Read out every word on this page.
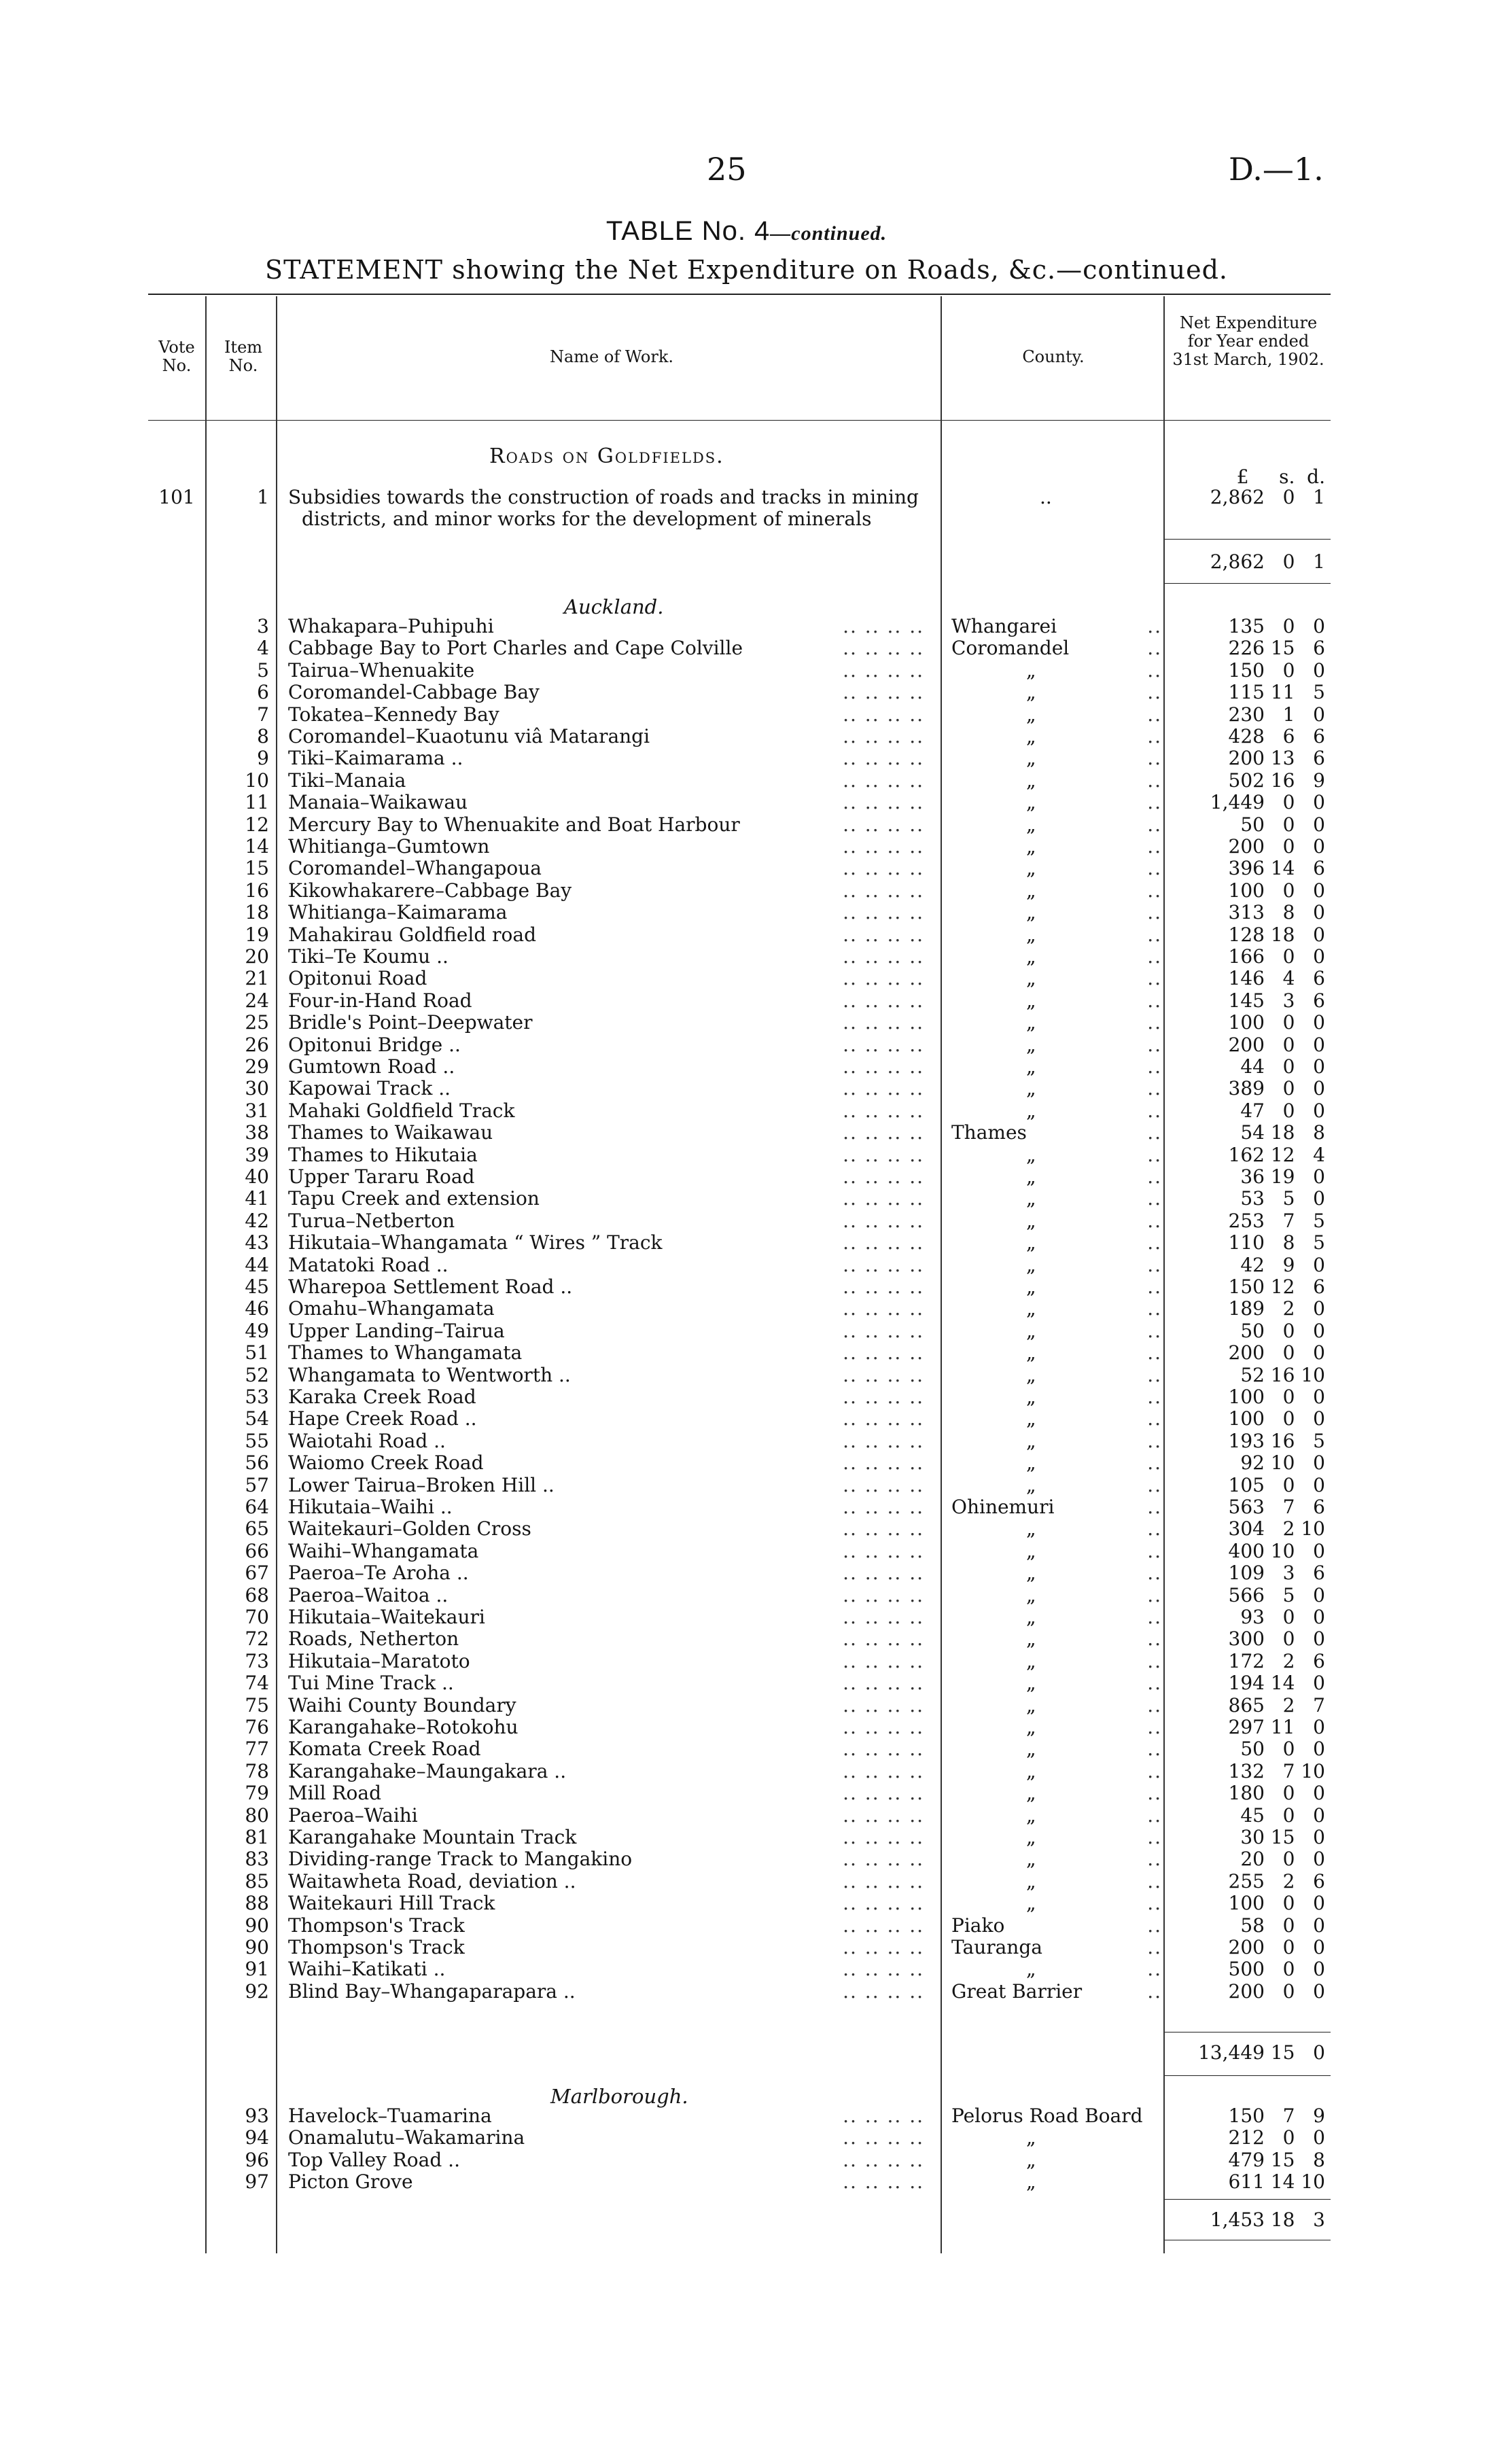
25	D.—1.
TABLE No. 4—continued.
STATEMENT showing the Net Expenditure on Roads, &c.—continued.
Vote No.
Item No.	Name of Work.	County.
Net Expenditure for Year ended 31st March, 1902.
Roads on Goldfields.
£     s.  d.
101	1 Subsidies towards the construction of roads and tracks in mining	..	2,862   0   1
districts, and minor works for the development of minerals
2,862   0   1
Auckland.
3 Whakapara–Puhipuhi	.. .. .. .. Whangarei	..	135   0   0
4 Cabbage Bay to Port Charles and Cape Colville	.. .. .. .. Coromandel	..	226 15   6
5 Tairua–Whenuakite	.. .. .. ..	„	..	150   0   0
6 Coromandel-Cabbage Bay	.. .. .. ..	„	..	115 11   5
7 Tokatea–Kennedy Bay	.. .. .. ..	„	..	230   1   0
8 Coromandel–Kuaotunu viâ Matarangi	.. .. .. ..	„	..	428   6   6
9 Tiki–Kaimarama ..	.. .. .. ..	„	..	200 13   6
10 Tiki–Manaia	.. .. .. ..	„	..	502 16   9
11 Manaia–Waikawau	.. .. .. ..	„	..	1,449   0   0
12 Mercury Bay to Whenuakite and Boat Harbour	.. .. .. ..	„	..	50   0   0
14 Whitianga–Gumtown	.. .. .. ..	„	..	200   0   0
15 Coromandel–Whangapoua	.. .. .. ..	„	..	396 14   6
16 Kikowhakarere–Cabbage Bay	.. .. .. ..	„	..	100   0   0
18 Whitianga–Kaimarama	.. .. .. ..	„	..	313   8   0
19 Mahakirau Goldfield road	.. .. .. ..	„	..	128 18   0
20 Tiki–Te Koumu ..	.. .. .. ..	„	..	166   0   0
21 Opitonui Road	.. .. .. ..	„	..	146   4   6
24 Four-in-Hand Road	.. .. .. ..	„	..	145   3   6
25 Bridle's Point–Deepwater	.. .. .. ..	„	..	100   0   0
26 Opitonui Bridge ..	.. .. .. ..	„	..	200   0   0
29 Gumtown Road ..	.. .. .. ..	„	..	44   0   0
30 Kapowai Track ..	.. .. .. ..	„	..	389   0   0
31 Mahaki Goldfield Track	.. .. .. ..	„	..	47   0   0
38 Thames to Waikawau	.. .. .. .. Thames	..	54 18   8
39 Thames to Hikutaia	.. .. .. ..	„	..	162 12   4
40 Upper Tararu Road	.. .. .. ..	„	..	36 19   0
41 Tapu Creek and extension	.. .. .. ..	„	..	53   5   0
42 Turua–Netberton	.. .. .. ..	„	..	253   7   5
43 Hikutaia–Whangamata “ Wires ” Track	.. .. .. ..	„	..	110   8   5
44 Matatoki Road ..	.. .. .. ..	„	..	42   9   0
45 Wharepoa Settlement Road ..	.. .. .. ..	„	..	150 12   6
46 Omahu–Whangamata	.. .. .. ..	„	..	189   2   0
49 Upper Landing–Tairua	.. .. .. ..	„	..	50   0   0
51 Thames to Whangamata	.. .. .. ..	„	..	200   0   0
52 Whangamata to Wentworth ..	.. .. .. ..	„	..	52 16 10
53 Karaka Creek Road	.. .. .. ..	„	..	100   0   0
54 Hape Creek Road ..	.. .. .. ..	„	..	100   0   0
55 Waiotahi Road ..	.. .. .. ..	„	..	193 16   5
56 Waiomo Creek Road	.. .. .. ..	„	..	92 10   0
57 Lower Tairua–Broken Hill ..	.. .. .. ..	„	..	105   0   0
64 Hikutaia–Waihi ..	.. .. .. .. Ohinemuri	..	563   7   6
65 Waitekauri–Golden Cross	.. .. .. ..	„	..	304   2 10
66 Waihi–Whangamata	.. .. .. ..	„	..	400 10   0
67 Paeroa–Te Aroha ..	.. .. .. ..	„	..	109   3   6
68 Paeroa–Waitoa ..	.. .. .. ..	„	..	566   5   0
70 Hikutaia–Waitekauri	.. .. .. ..	„	..	93   0   0
72 Roads, Netherton	.. .. .. ..	„	..	300   0   0
73 Hikutaia–Maratoto	.. .. .. ..	„	..	172   2   6
74 Tui Mine Track ..	.. .. .. ..	„	..	194 14   0
75 Waihi County Boundary	.. .. .. ..	„	..	865   2   7
76 Karangahake–Rotokohu	.. .. .. ..	„	..	297 11   0
77 Komata Creek Road	.. .. .. ..	„	..	50   0   0
78 Karangahake–Maungakara ..	.. .. .. ..	„	..	132   7 10
79 Mill Road	.. .. .. ..	„	..	180   0   0
80 Paeroa–Waihi	.. .. .. ..	„	..	45   0   0
81 Karangahake Mountain Track	.. .. .. ..	„	..	30 15   0
83 Dividing-range Track to Mangakino	.. .. .. ..	„	..	20   0   0
85 Waitawheta Road, deviation ..	.. .. .. ..	„	..	255   2   6
88 Waitekauri Hill Track	.. .. .. ..	„	..	100   0   0
90 Thompson's Track	.. .. .. .. Piako	..	58   0   0
90 Thompson's Track	.. .. .. .. Tauranga	..	200   0   0
91 Waihi–Katikati ..	.. .. .. ..	„	..	500   0   0
92 Blind Bay–Whangaparapara ..	.. .. .. .. Great Barrier	..	200   0   0
13,449 15   0
Marlborough.
93 Havelock–Tuamarina	.. .. .. .. Pelorus Road Board	150   7   9
94 Onamalutu–Wakamarina	.. .. .. ..	„	212   0   0
96 Top Valley Road ..	.. .. .. ..	„	479 15   8
97 Picton Grove	.. .. .. ..	„	611 14 10
1,453 18   3
